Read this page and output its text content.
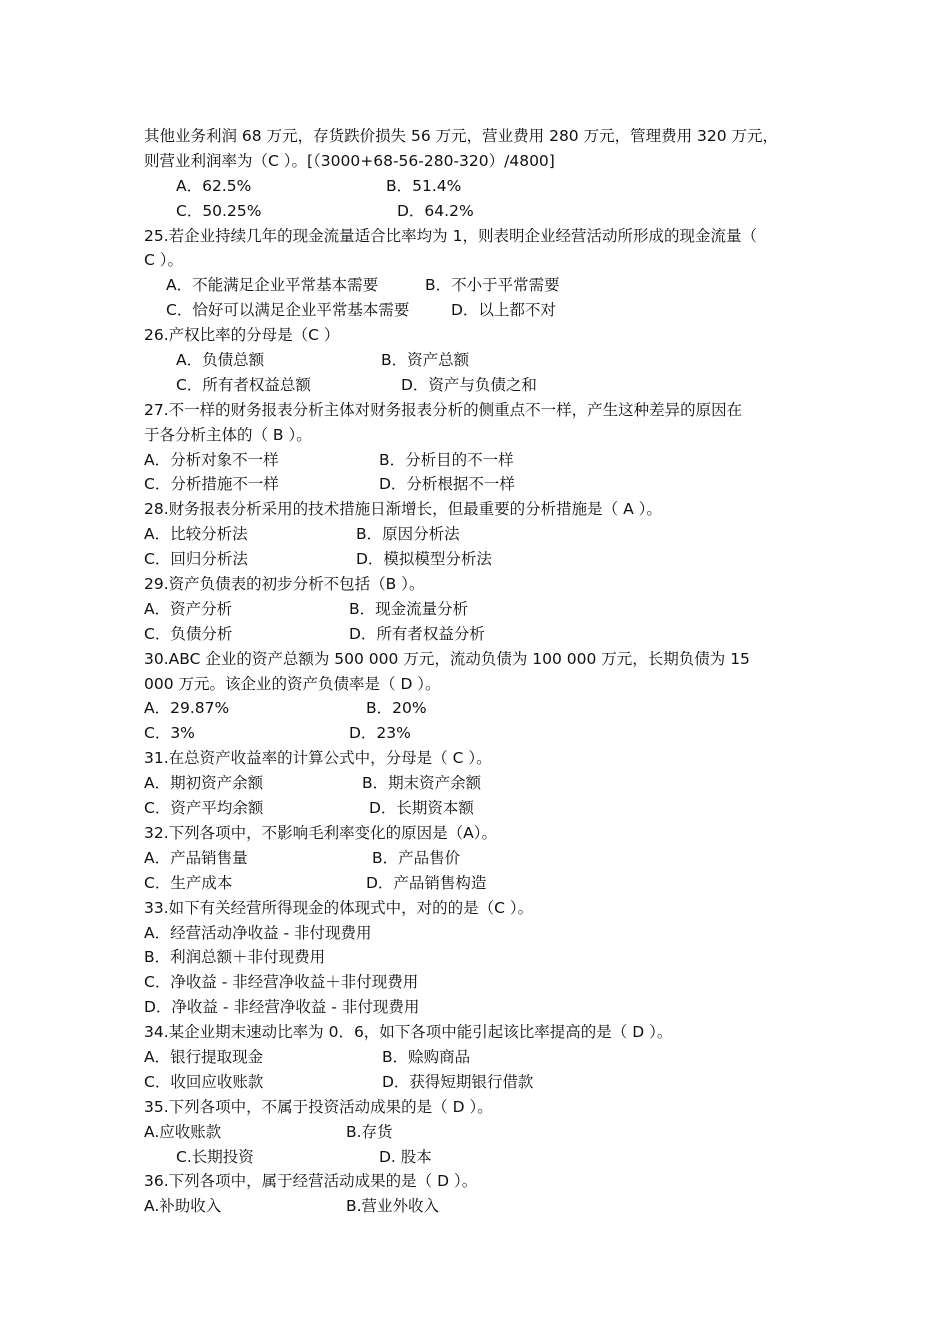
其他业务利润 68 万元，存货跌价损失 56 万元，营业费用 280 万元，管理费用 320 万元，
则营业利润率为（C ）。[（3000+68-56-280-320）/4800]
A．62.5%	B．51.4%
C．50.25%	D．64.2%
25.若企业持续几年的现金流量适合比率均为 1，则表明企业经营活动所形成的现金流量（
C ）。
A．不能满足企业平常基本需要	B．不小于平常需要
C．恰好可以满足企业平常基本需要	D．以上都不对
26.产权比率的分母是（C ）
A．负债总额	B．资产总额
C．所有者权益总额	D．资产与负债之和
27.不一样的财务报表分析主体对财务报表分析的侧重点不一样，产生这种差异的原因在
于各分析主体的（ B ）。
A．分析对象不一样	B．分析目的不一样
C．分析措施不一样	D．分析根据不一样
28.财务报表分析采用的技术措施日渐增长，但最重要的分析措施是（ A ）。
A．比较分析法	B．原因分析法
C．回归分析法	D．模拟模型分析法
29.资产负债表的初步分析不包括（B ）。
A．资产分析	B．现金流量分析
C．负债分析	D．所有者权益分析
30.ABC 企业的资产总额为 500 000 万元，流动负债为 100 000 万元，长期负债为 15
000 万元。该企业的资产负债率是（ D ）。
A．29.87%	B．20%
C．3%	D．23%
31.在总资产收益率的计算公式中，分母是（ C ）。
A．期初资产余额	B．期末资产余额
C．资产平均余额	D．长期资本额
32.下列各项中，不影响毛利率变化的原因是（A）。
A．产品销售量	B．产品售价
C．生产成本	D．产品销售构造
33.如下有关经营所得现金的体现式中，对的的是（C ）。
A．经营活动净收益 - 非付现费用
B．利润总额＋非付现费用
C．净收益 - 非经营净收益＋非付现费用
D．净收益 - 非经营净收益 - 非付现费用
34.某企业期末速动比率为 0．6，如下各项中能引起该比率提高的是（ D ）。
A．银行提取现金	B．赊购商品
C．收回应收账款	D．获得短期银行借款
35.下列各项中，不属于投资活动成果的是（ D ）。
A.应收账款	B.存货
C.长期投资	D. 股本
36.下列各项中，属于经营活动成果的是（ D ）。
A.补助收入	B.营业外收入
